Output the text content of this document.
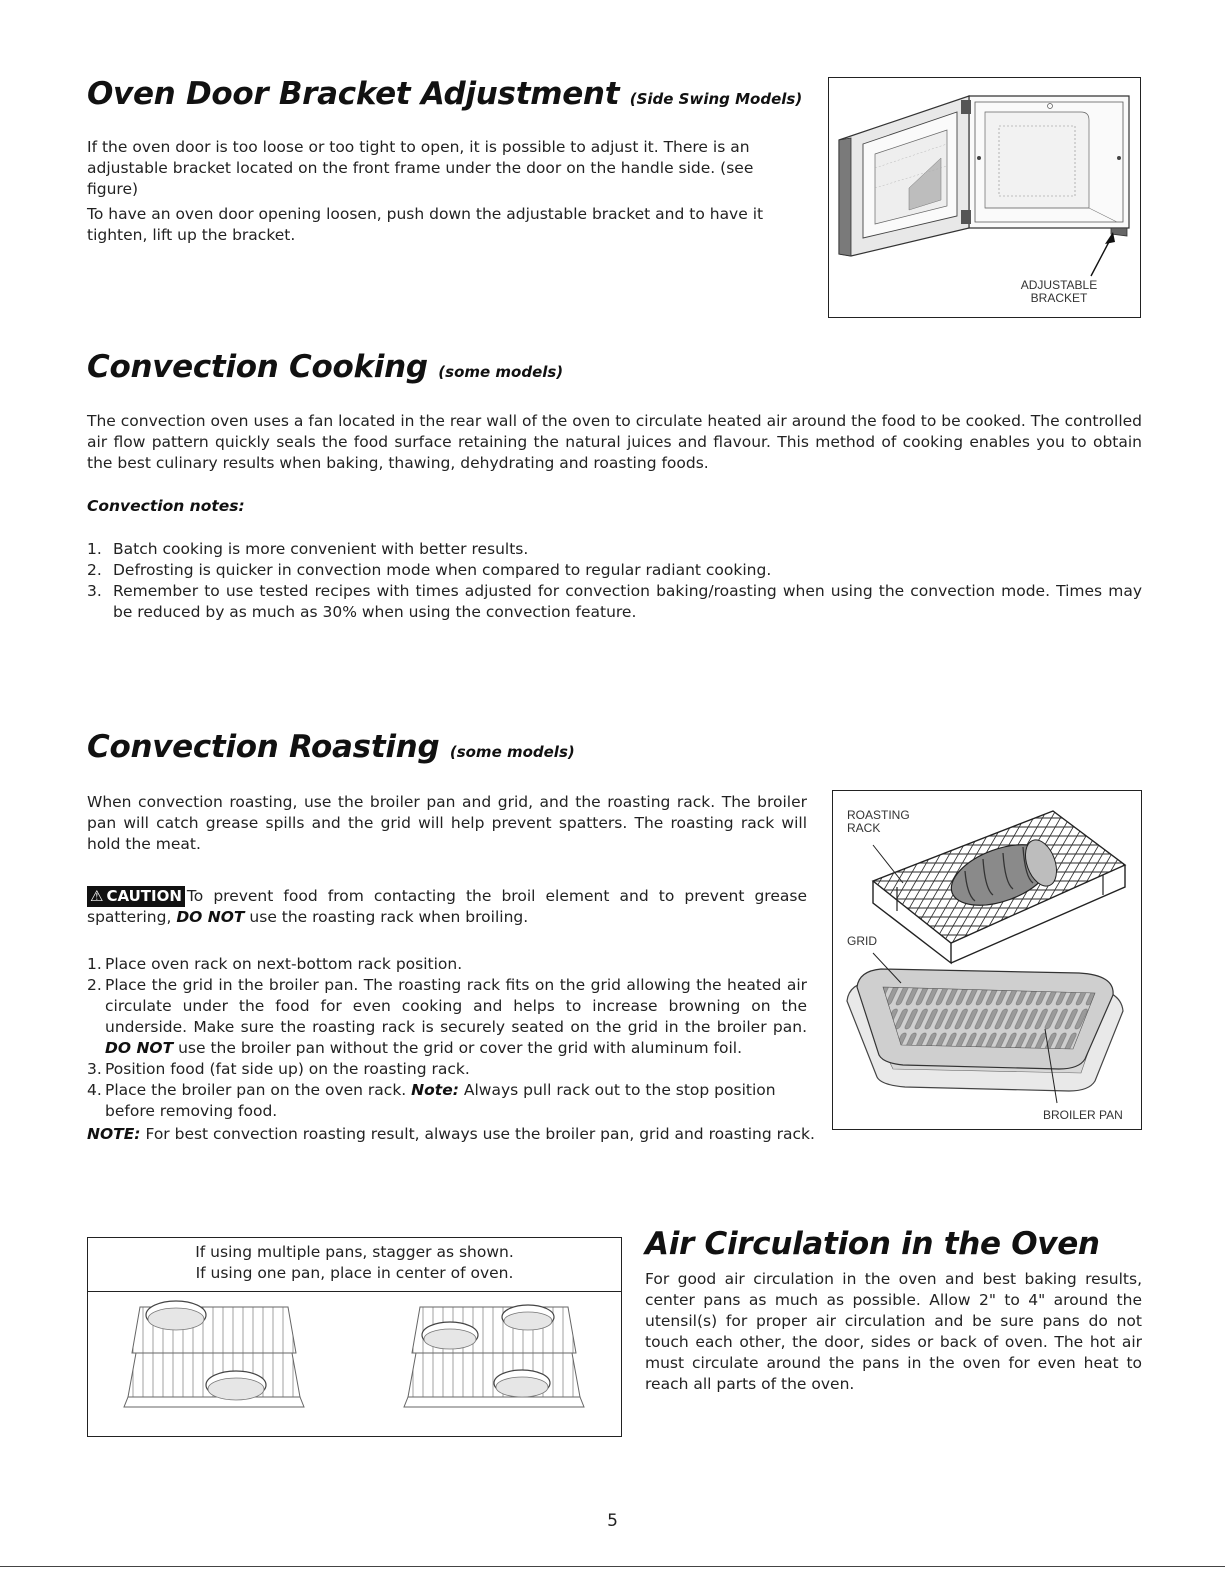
Oven Door Bracket Adjustment (Side Swing Models)
If the oven door is too loose or too tight to open, it is possible to adjust it. There is an adjustable bracket located on the front frame under the door on the handle side. (see figure)
To have an oven door opening loosen, push down the adjustable bracket and to have it tighten, lift up the bracket.
ADJUSTABLE
BRACKET
Convection Cooking (some models)
The convection oven uses a fan located in the rear wall of the oven to circulate heated air around the food to be cooked. The controlled air flow pattern quickly seals the food surface retaining the natural juices and flavour. This method of cooking enables you to obtain the best culinary results when baking, thawing, dehydrating and roasting foods.
Convection notes:
1. Batch cooking is more convenient with better results.
2. Defrosting is quicker in convection mode when compared to regular radiant cooking.
3. Remember to use tested recipes with times adjusted for convection baking/roasting when using the convection mode. Times may be reduced by as much as 30% when using the convection feature.
Convection Roasting (some models)
When convection roasting, use the broiler pan and grid, and the roasting rack. The broiler pan will catch grease spills and the grid will help prevent spatters. The roasting rack will hold the meat.
⚠ CAUTION To prevent food from contacting the broil element and to prevent grease spattering, DO NOT use the roasting rack when broiling.
1. Place oven rack on next-bottom rack position.
2. Place the grid in the broiler pan. The roasting rack fits on the grid allowing the heated air circulate under the food for even cooking and helps to increase browning on the underside. Make sure the roasting rack is securely seated on the grid in the broiler pan. DO NOT use the broiler pan without the grid or cover the grid with aluminum foil.
3. Position food (fat side up) on the roasting rack.
4. Place the broiler pan on the oven rack. Note: Always pull rack out to the stop position before removing food.
NOTE: For best convection roasting result, always use the broiler pan, grid and roasting rack.
ROASTING
RACK
GRID
BROILER PAN
If using multiple pans, stagger as shown.
If using one pan, place in center of oven.
Air Circulation in the Oven
For good air circulation in the oven and best baking results, center pans as much as possible. Allow 2" to 4" around the utensil(s) for proper air circulation and be sure pans do not touch each other, the door, sides or back of oven. The hot air must circulate around the pans in the oven for even heat to reach all parts of the oven.
5
